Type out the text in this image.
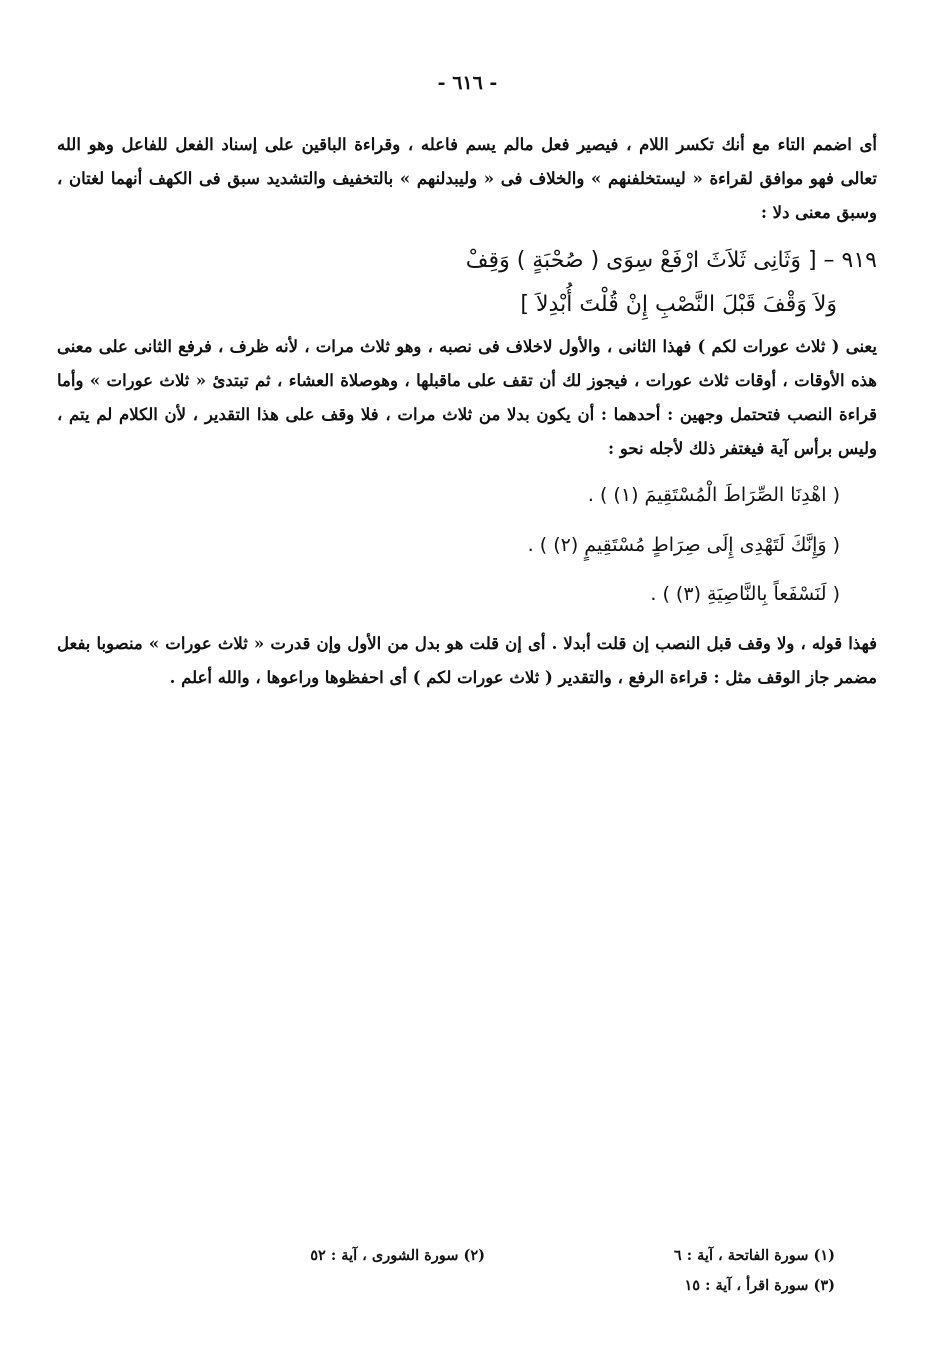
- ٦١٦ -
أى اضمم التاء مع أنك تكسر اللام ، فيصير فعل مالم يسم فاعله ، وقراءة الباقين على إسناد الفعل للفاعل وهو الله تعالى فهو موافق لقراءة « ليستخلفنهم » والخلاف فى « وليبدلنهم » بالتخفيف والتشديد سبق فى الكهف أنهما لغتان ، وسبق معنى دلا :
٩١٩ – [ وَثَانِى ثَلاَثَ ارْفَعْ سِوَى ( صُحْبَةٍ ) وَقِفْ
وَلاَ وَقْفَ قَبْلَ النَّصْبِ إِنْ قُلْتَ أُبْدِلاَ ]
يعنى ( ثلاث عورات لكم ) فهذا الثانى ، والأول لاخلاف فى نصبه ، وهو ثلاث مرات ، لأنه ظرف ، فرفع الثانى على معنى هذه الأوقات ، أوقات ثلاث عورات ، فيجوز لك أن تقف على ماقبلها ، وهوصلاة العشاء ، ثم تبتدئ « ثلاث عورات » وأما قراءة النصب فتحتمل وجهين : أحدهما : أن يكون بدلا من ثلاث مرات ، فلا وقف على هذا التقدير ، لأن الكلام لم يتم ، وليس برأس آية فيغتفر ذلك لأجله نحو :
( اهْدِنَا الصِّرَاطَ الْمُسْتَقِيمَ (١) ) .
( وَإِنَّكَ لَتَهْدِى إِلَى صِرَاطٍ مُسْتَقِيمٍ (٢) ) .
( لَنَسْفَعاً بِالنَّاصِيَةِ (٣) ) .
فهذا قوله ، ولا وقف قبل النصب إن قلت أبدلا . أى إن قلت هو بدل من الأول وإن قدرت « ثلاث عورات » منصوبا بفعل مضمر جاز الوقف مثل : قراءة الرفع ، والتقدير ( ثلاث عورات لكم ) أى احفظوها وراعوها ، والله أعلم .
(١) سورة الفاتحة ، آية : ٦
(٢) سورة الشورى ، آية : ٥٢
(٣) سورة اقرأ ، آية : ١٥
